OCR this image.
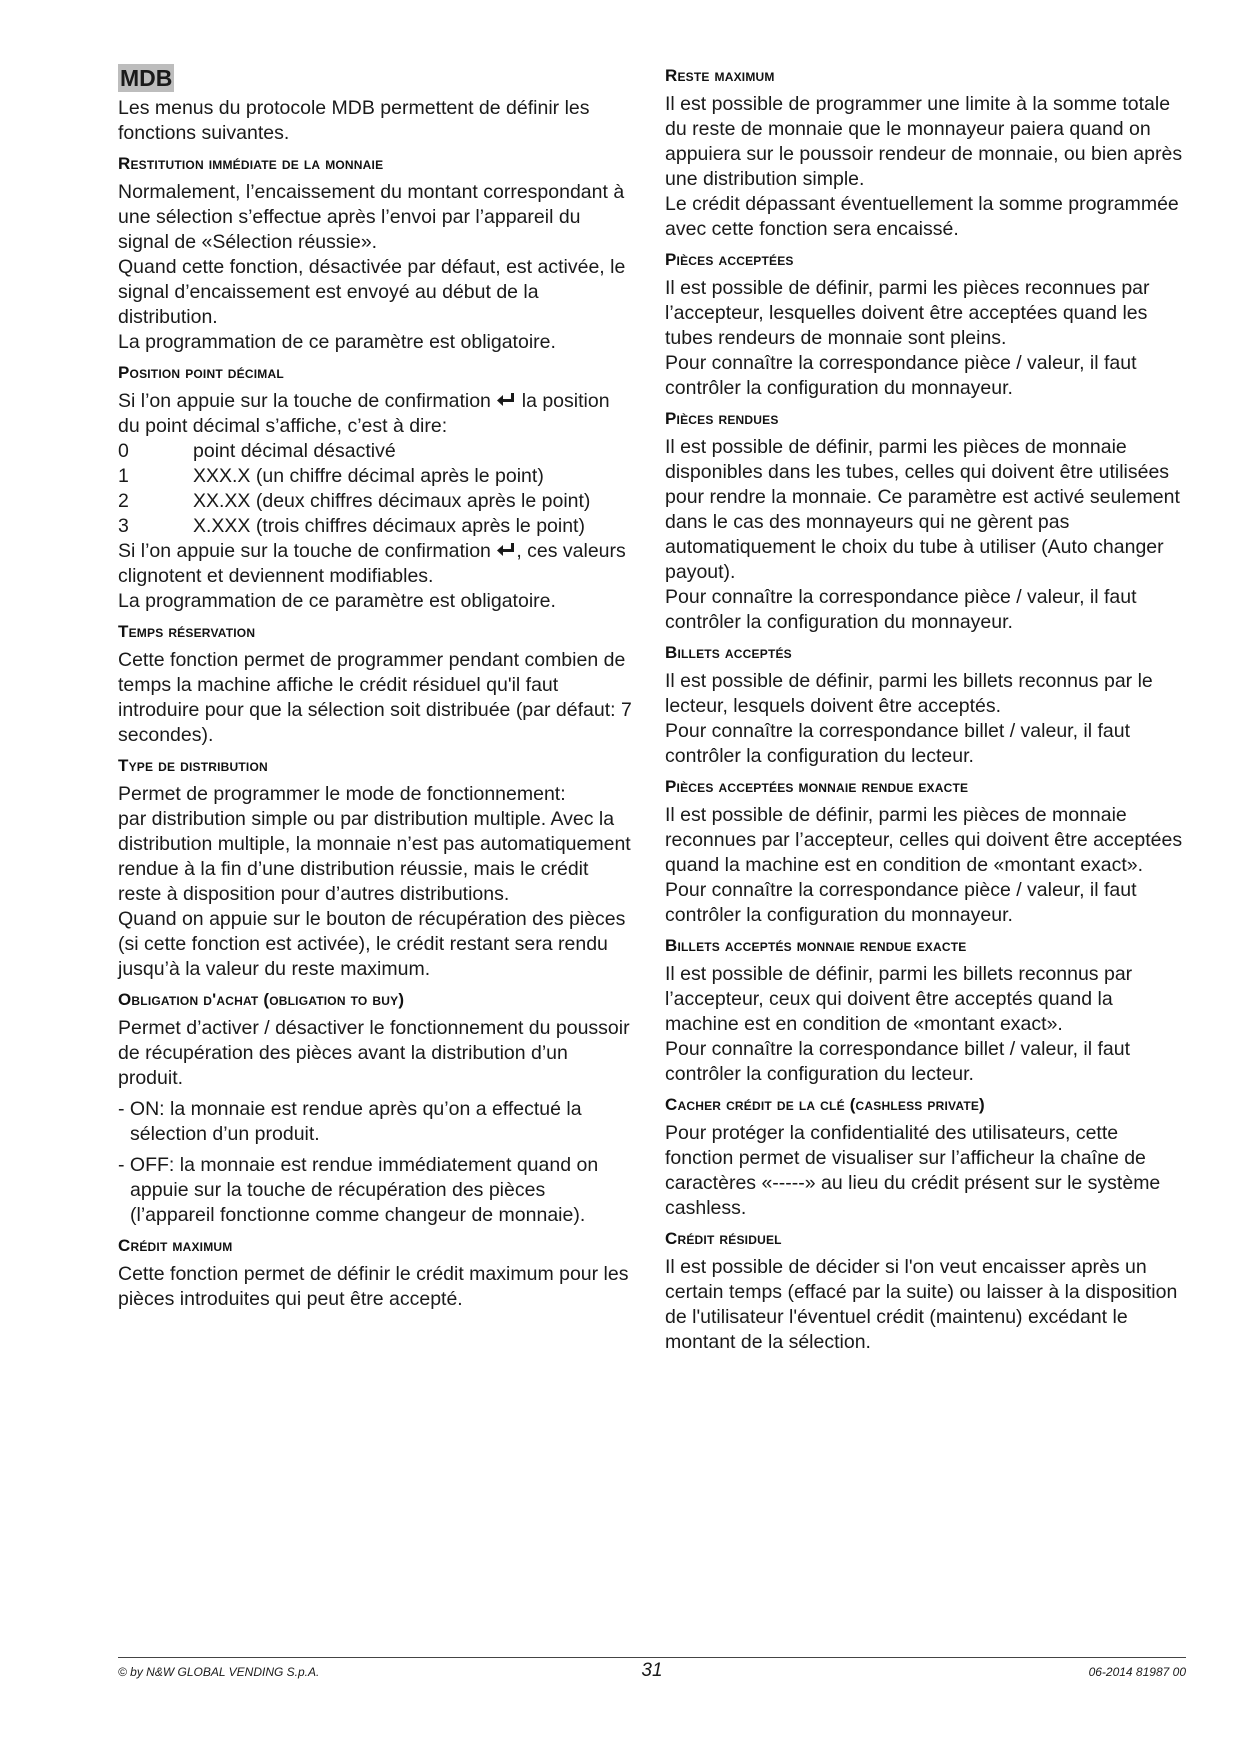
MDB

Les menus du protocole MDB permettent de définir les fonctions suivantes.

Restitution immédiate de la monnaie

Normalement, l’encaissement du montant correspondant à une sélection s’effectue après l’envoi par l’appareil du signal de «Sélection réussie».

Quand cette fonction, désactivée par défaut, est activée, le signal d’encaissement est envoyé au début de la distribution.

La programmation de ce paramètre est obligatoire.

Position point décimal

Si l’on appuie sur la touche de confirmation la position du point décimal s’affiche, c’est à dire:

0	point décimal désactivé
1	XXX.X (un chiffre décimal après le point)
2	XX.XX (deux chiffres décimaux après le point)
3	X.XXX (trois chiffres décimaux après le point)

Si l’on appuie sur la touche de confirmation , ces valeurs clignotent et deviennent modifiables.

La programmation de ce paramètre est obligatoire.

Temps réservation

Cette fonction permet de programmer pendant combien de temps la machine affiche le crédit résiduel qu'il faut introduire pour que la sélection soit distribuée (par défaut: 7 secondes).

Type de distribution

Permet de programmer le mode de fonctionnement:

par distribution simple ou par distribution multiple. Avec la distribution multiple, la monnaie n’est pas automatiquement rendue à la fin d’une distribution réussie, mais le crédit reste à disposition pour d’autres distributions.

Quand on appuie sur le bouton de récupération des pièces (si cette fonction est activée), le crédit restant sera rendu jusqu’à la valeur du reste maximum.

Obligation d'achat (obligation to buy)

Permet d’activer / désactiver le fonctionnement du poussoir de récupération des pièces avant la distribution d’un produit.

- ON: la monnaie est rendue après qu’on a effectué la sélection d’un produit.

- OFF: la monnaie est rendue immédiatement quand on appuie sur la touche de récupération des pièces (l’appareil fonctionne comme changeur de monnaie).

Crédit maximum

Cette fonction permet de définir le crédit maximum pour les pièces introduites qui peut être accepté.

Reste maximum

Il est possible de programmer une limite à la somme totale du reste de monnaie que le monnayeur paiera quand on appuiera sur le poussoir rendeur de monnaie, ou bien après une distribution simple.

Le crédit dépassant éventuellement la somme programmée avec cette fonction sera encaissé.

Pièces acceptées

Il est possible de définir, parmi les pièces reconnues par l’accepteur, lesquelles doivent être acceptées quand les tubes rendeurs de monnaie sont pleins.

Pour connaître la correspondance pièce / valeur, il faut contrôler la configuration du monnayeur.

Pièces rendues

Il est possible de définir, parmi les pièces de monnaie disponibles dans les tubes, celles qui doivent être utilisées pour rendre la monnaie. Ce paramètre est activé seulement dans le cas des monnayeurs qui ne gèrent pas automatiquement le choix du tube à utiliser (Auto changer payout).

Pour connaître la correspondance pièce / valeur, il faut contrôler la configuration du monnayeur.

Billets acceptés

Il est possible de définir, parmi les billets reconnus par le lecteur, lesquels doivent être acceptés.

Pour connaître la correspondance billet / valeur, il faut contrôler la configuration du lecteur.

Pièces acceptées monnaie rendue exacte

Il est possible de définir, parmi les pièces de monnaie reconnues par l’accepteur, celles qui doivent être acceptées quand la machine est en condition de «montant exact».

Pour connaître la correspondance pièce / valeur, il faut contrôler la configuration du monnayeur.

Billets acceptés monnaie rendue exacte

Il est possible de définir, parmi les billets reconnus par l’accepteur, ceux qui doivent être acceptés quand la machine est en condition de «montant exact».

Pour connaître la correspondance billet / valeur, il faut contrôler la configuration du lecteur.

Cacher crédit de la clé (cashless private)

Pour protéger la confidentialité des utilisateurs, cette fonction permet de visualiser sur l’afficheur la chaîne de caractères «-----» au lieu du crédit présent sur le système cashless.

Crédit résiduel

Il est possible de décider si l'on veut encaisser après un certain temps (effacé par la suite) ou laisser à la disposition de l'utilisateur l'éventuel crédit (maintenu) excédant le montant de la sélection.

© by N&W GLOBAL VENDING S.p.A.	31	06-2014 81987 00
